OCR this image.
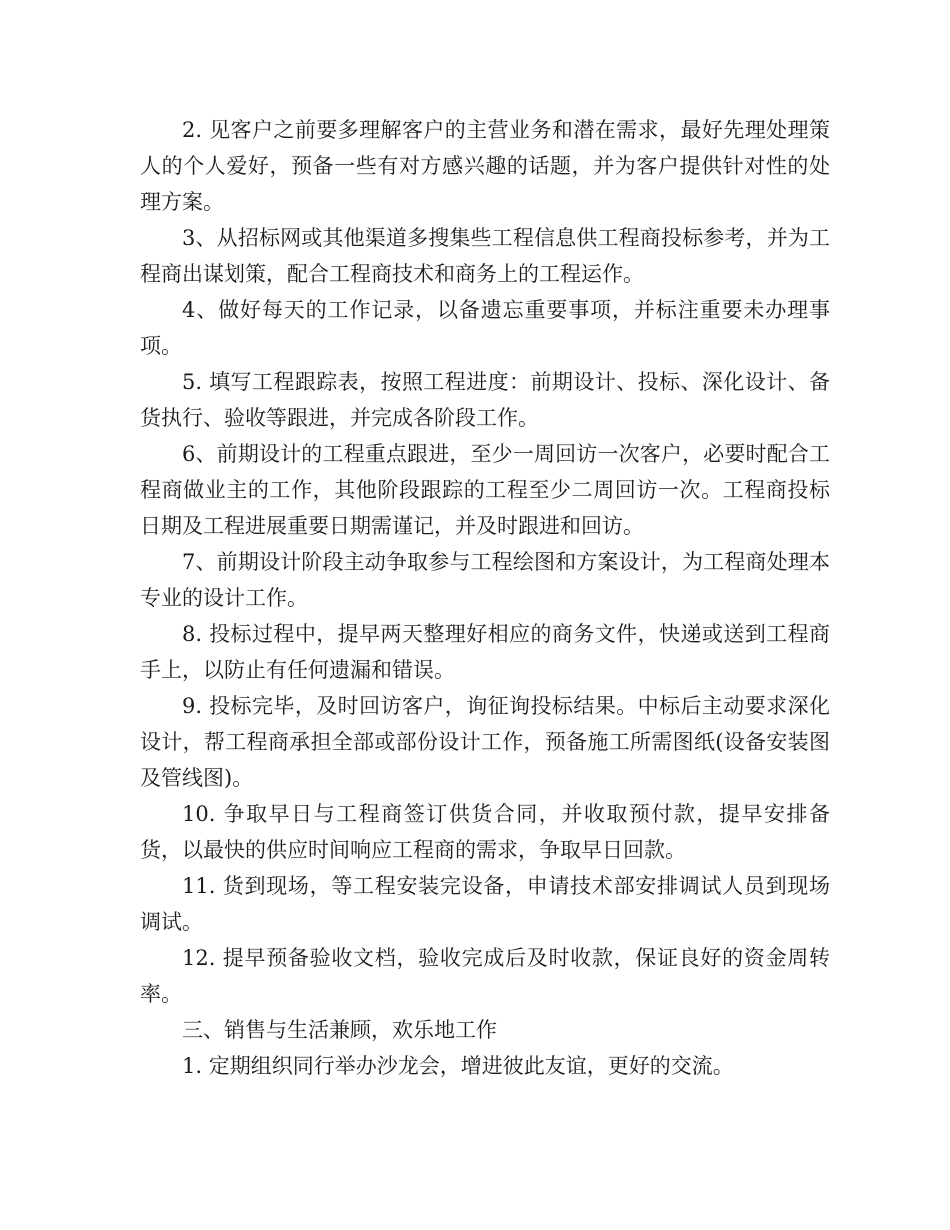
2. 见客户之前要多理解客户的主营业务和潜在需求，最好先理处理策人的个人爱好，预备一些有对方感兴趣的话题，并为客户提供针对性的处理方案。

3、从招标网或其他渠道多搜集些工程信息供工程商投标参考，并为工程商出谋划策，配合工程商技术和商务上的工程运作。

4、做好每天的工作记录，以备遗忘重要事项，并标注重要未办理事项。

5. 填写工程跟踪表，按照工程进度：前期设计、投标、深化设计、备货执行、验收等跟进，并完成各阶段工作。

6、前期设计的工程重点跟进，至少一周回访一次客户，必要时配合工程商做业主的工作，其他阶段跟踪的工程至少二周回访一次。工程商投标日期及工程进展重要日期需谨记，并及时跟进和回访。

7、前期设计阶段主动争取参与工程绘图和方案设计，为工程商处理本专业的设计工作。

8. 投标过程中，提早两天整理好相应的商务文件，快递或送到工程商手上，以防止有任何遗漏和错误。

9. 投标完毕，及时回访客户，询征询投标结果。中标后主动要求深化设计，帮工程商承担全部或部份设计工作，预备施工所需图纸(设备安装图及管线图)。

10. 争取早日与工程商签订供货合同，并收取预付款，提早安排备货，以最快的供应时间响应工程商的需求，争取早日回款。

11. 货到现场，等工程安装完设备，申请技术部安排调试人员到现场调试。

12. 提早预备验收文档，验收完成后及时收款，保证良好的资金周转率。

三、销售与生活兼顾，欢乐地工作

1. 定期组织同行举办沙龙会，增进彼此友谊，更好的交流。
